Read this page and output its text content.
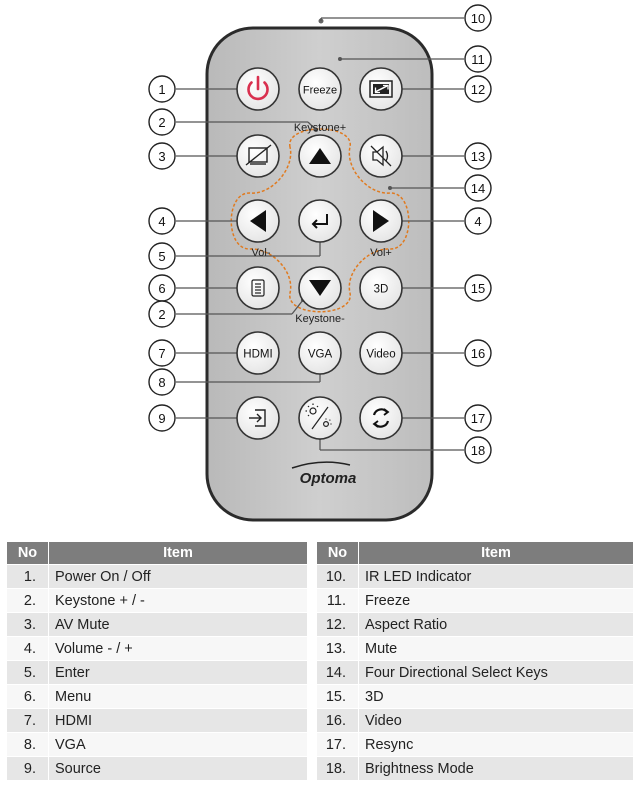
Freeze
Keystone+
Vol-	Vol+
3D
Keystone-
HDMI	VGA	Video
Optoma
1
2
3
4
5
6
2
7
8
9
10
11
12
13
14
4
15
16
17
18
No	Item
1.	Power On / Off
2.	Keystone + / -
3.	AV Mute
4.	Volume - / +
5.	Enter
6.	Menu
7.	HDMI
8.	VGA
9.	Source
No	Item
10.	IR LED Indicator
11.	Freeze
12.	Aspect Ratio
13.	Mute
14.	Four Directional Select Keys
15.	3D
16.	Video
17.	Resync
18.	Brightness Mode
